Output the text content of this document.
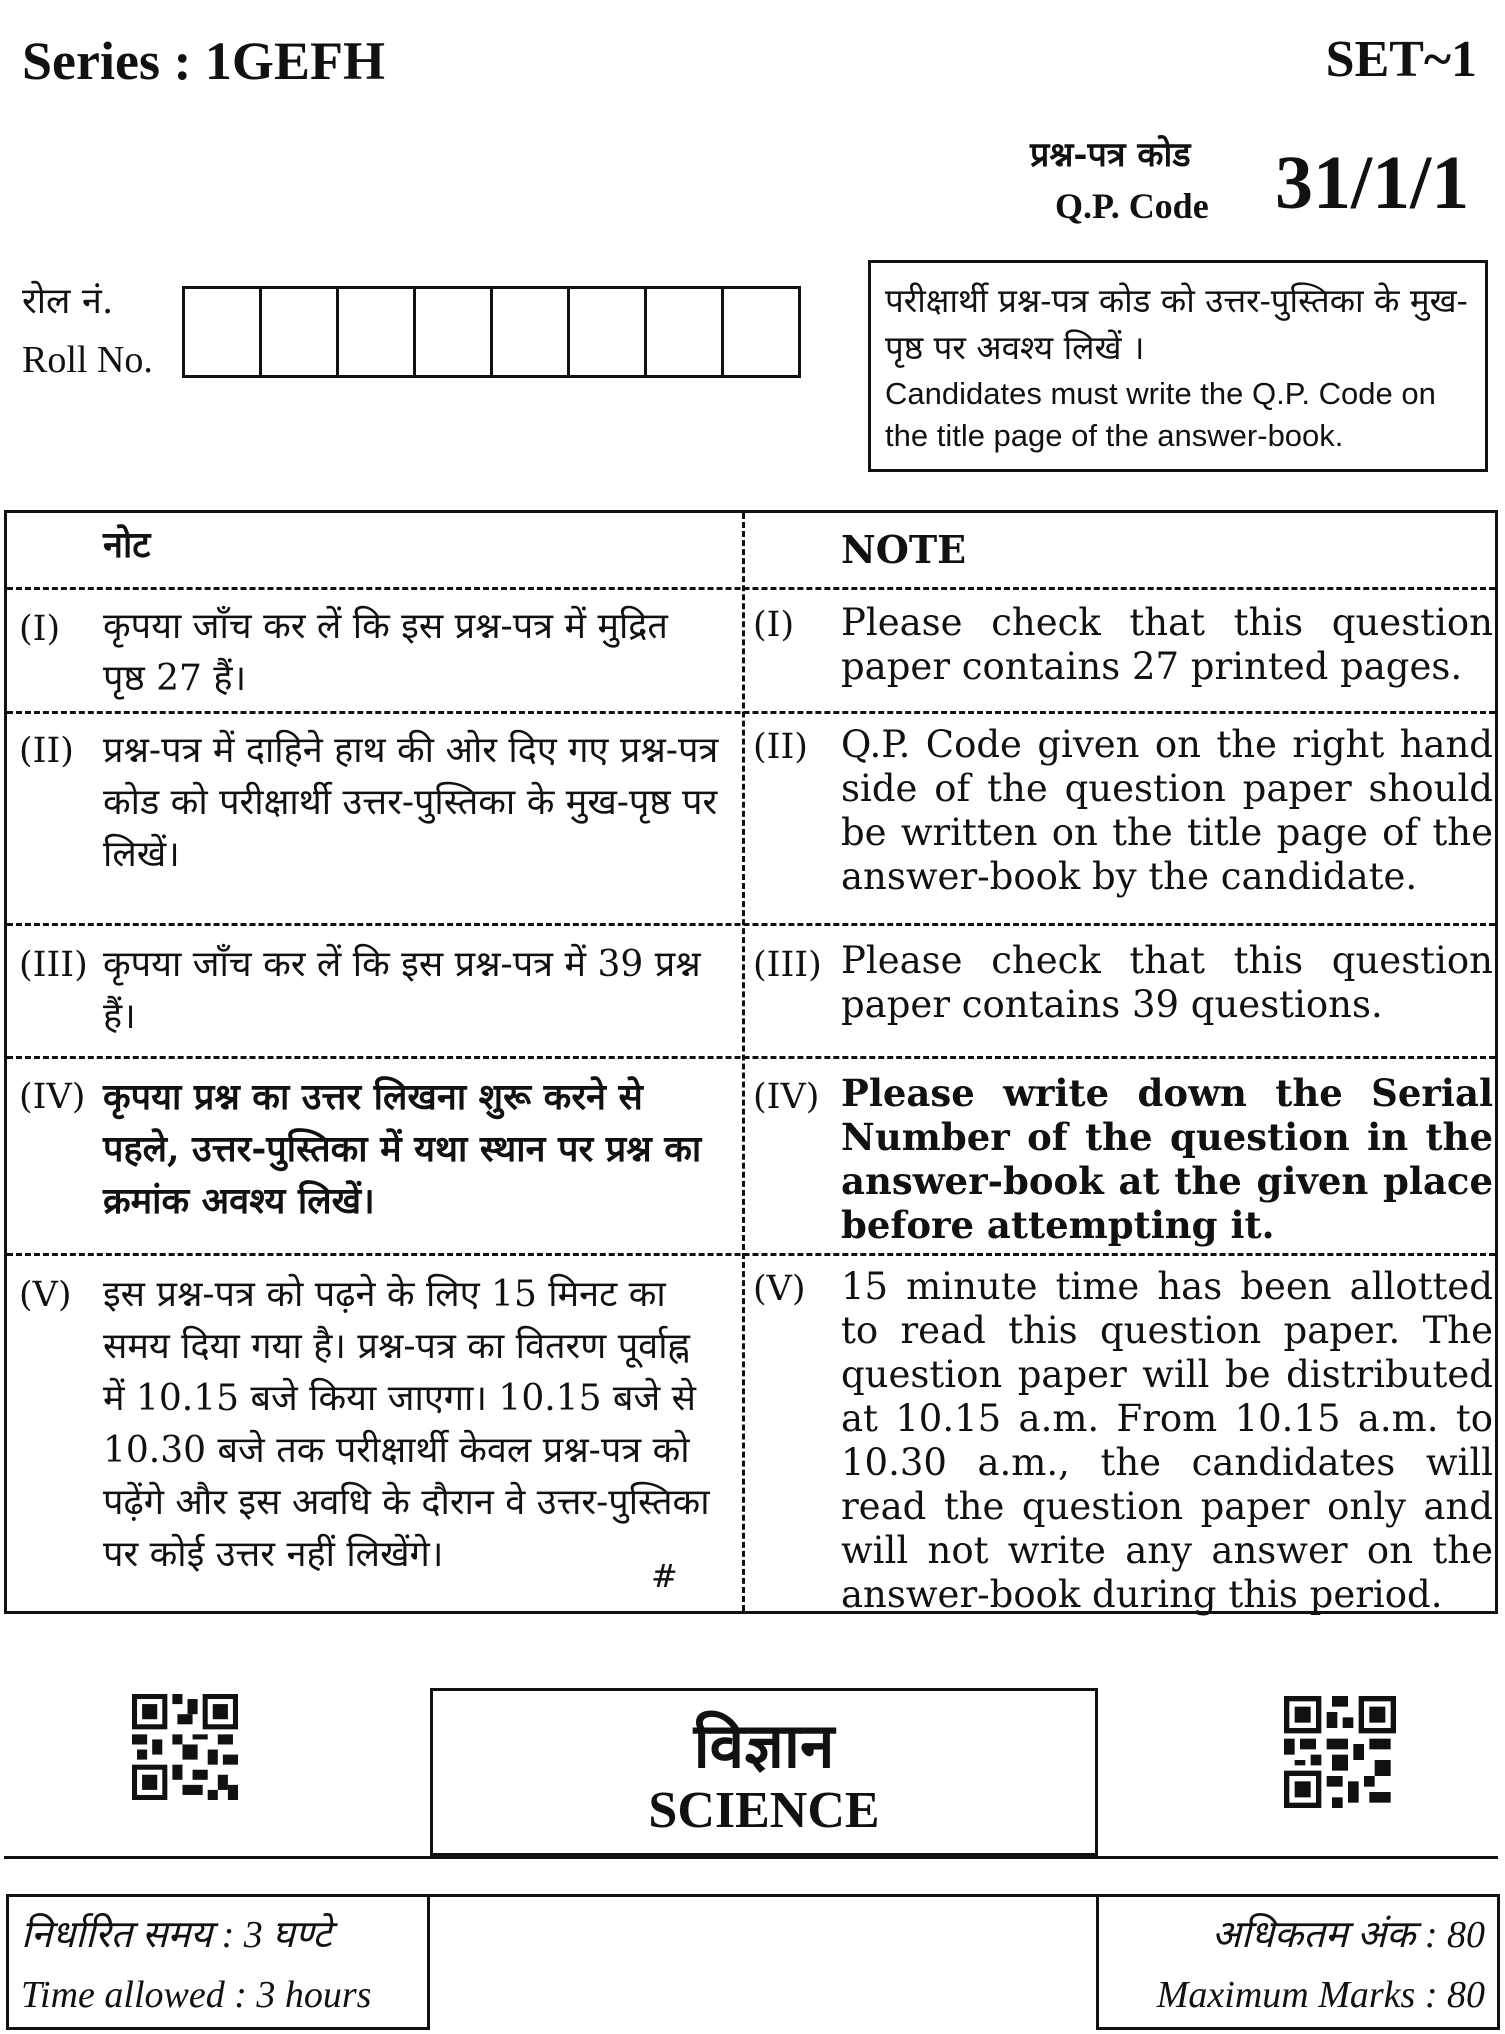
Series : 1GEFH	SET~1
प्रश्न-पत्र कोड
Q.P. Code 31/1/1
रोल नं.
Roll No.
परीक्षार्थी प्रश्न-पत्र कोड को उत्तर-पुस्तिका के मुख-पृष्ठ पर अवश्य लिखें ।
Candidates must write the Q.P. Code on the title page of the answer-book.
नोट	NOTE
(I) कृपया जाँच कर लें कि इस प्रश्न-पत्र में मुद्रित पृष्ठ 27 हैं।
(I) Please check that this question paper contains 27 printed pages.
(II) प्रश्न-पत्र में दाहिने हाथ की ओर दिए गए प्रश्न-पत्र कोड को परीक्षार्थी उत्तर-पुस्तिका के मुख-पृष्ठ पर लिखें।
(II) Q.P. Code given on the right hand side of the question paper should be written on the title page of the answer-book by the candidate.
(III) कृपया जाँच कर लें कि इस प्रश्न-पत्र में 39 प्रश्न हैं।
(III) Please check that this question paper contains 39 questions.
(IV) कृपया प्रश्न का उत्तर लिखना शुरू करने से पहले, उत्तर-पुस्तिका में यथा स्थान पर प्रश्न का क्रमांक अवश्य लिखें।
(IV) Please write down the Serial Number of the question in the answer-book at the given place before attempting it.
(V) इस प्रश्न-पत्र को पढ़ने के लिए 15 मिनट का समय दिया गया है। प्रश्न-पत्र का वितरण पूर्वाह्न में 10.15 बजे किया जाएगा। 10.15 बजे से 10.30 बजे तक परीक्षार्थी केवल प्रश्न-पत्र को पढ़ेंगे और इस अवधि के दौरान वे उत्तर-पुस्तिका पर कोई उत्तर नहीं लिखेंगे।
(V) 15 minute time has been allotted to read this question paper. The question paper will be distributed at 10.15 a.m. From 10.15 a.m. to 10.30 a.m., the candidates will read the question paper only and will not write any answer on the answer-book during this period.
#
विज्ञान
SCIENCE
निर्धारित समय : 3 घण्टे
Time allowed : 3 hours
अधिकतम अंक : 80
Maximum Marks : 80
